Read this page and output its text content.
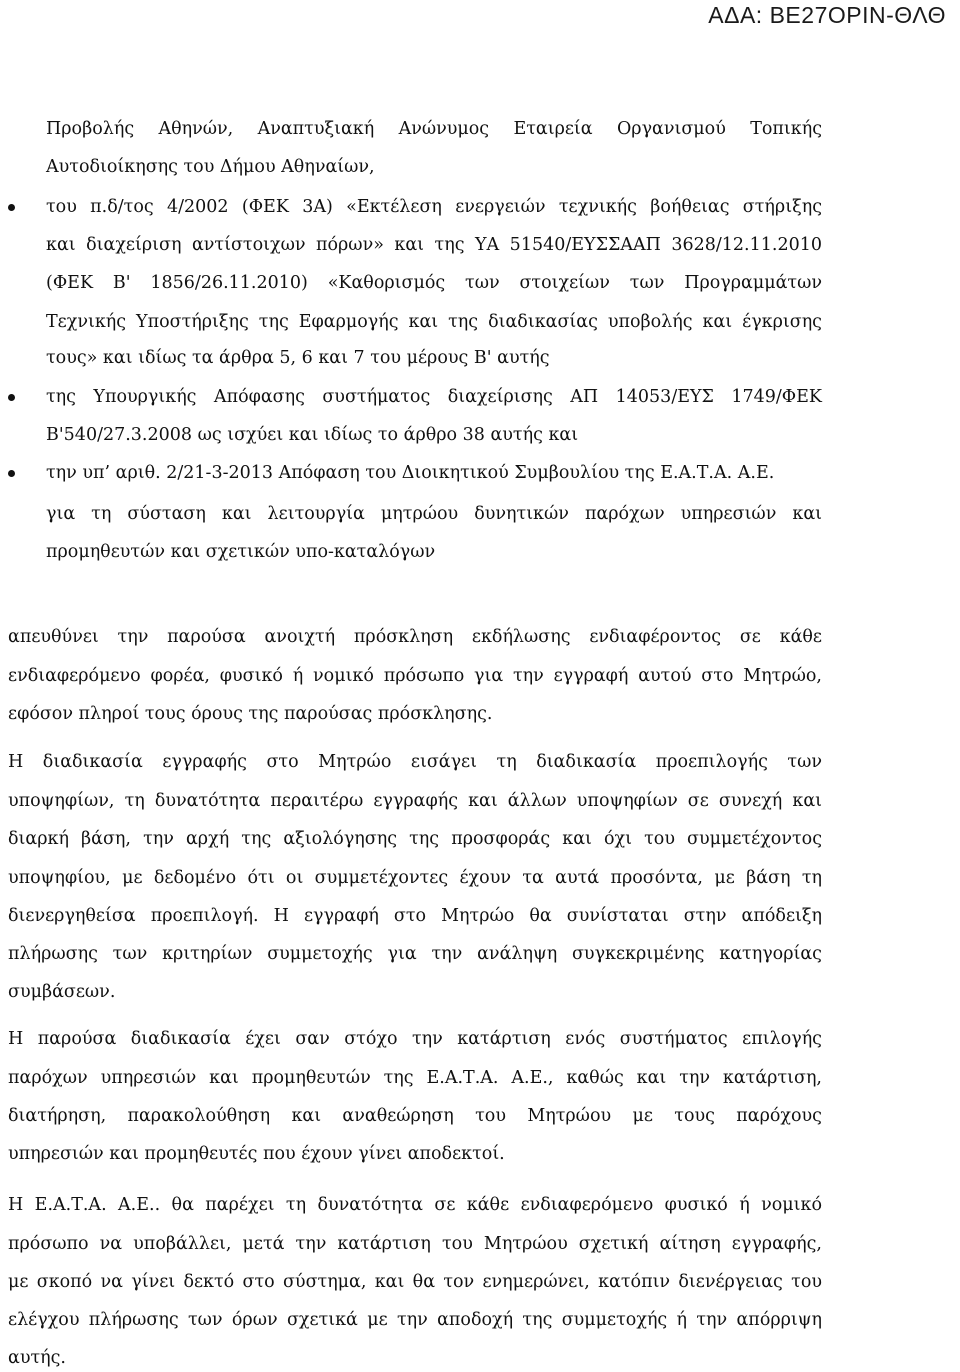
ΑΔΑ: ΒΕ27ΟΡΙΝ-ΘΛΘ
Προβολής Αθηνών, Αναπτυξιακή Ανώνυμος Εταιρεία Οργανισμού Τοπικής
Αυτοδιοίκησης του Δήμου Αθηναίων,
του π.δ/τος 4/2002 (ΦΕΚ 3Α) «Εκτέλεση ενεργειών τεχνικής βοήθειας στήριξης
και διαχείριση αντίστοιχων πόρων» και της ΥΑ 51540/ΕΥΣΣΑΑΠ 3628/12.11.2010
(ΦΕΚ Β' 1856/26.11.2010) «Καθορισμός των στοιχείων των Προγραμμάτων
Τεχνικής Υποστήριξης της Εφαρμογής και της διαδικασίας υποβολής και έγκρισης
τους» και ιδίως τα άρθρα 5, 6 και 7 του μέρους Β' αυτής
της Υπουργικής Απόφασης συστήματος διαχείρισης ΑΠ 14053/ΕΥΣ 1749/ΦΕΚ
Β'540/27.3.2008 ως ισχύει και ιδίως το άρθρο 38 αυτής και
την υπ’ αριθ. 2/21-3-2013 Απόφαση του Διοικητικού Συμβουλίου της Ε.Α.Τ.Α. Α.Ε.
για τη σύσταση και λειτουργία μητρώου δυνητικών παρόχων υπηρεσιών και
προμηθευτών και σχετικών υπο-καταλόγων
απευθύνει την παρούσα ανοιχτή πρόσκληση εκδήλωσης ενδιαφέροντος σε κάθε
ενδιαφερόμενο φορέα, φυσικό ή νομικό πρόσωπο για την εγγραφή αυτού στο Μητρώο,
εφόσον πληροί τους όρους της παρούσας πρόσκλησης.
Η διαδικασία εγγραφής στο Μητρώο εισάγει τη διαδικασία προεπιλογής των
υποψηφίων, τη δυνατότητα περαιτέρω εγγραφής και άλλων υποψηφίων σε συνεχή και
διαρκή βάση, την αρχή της αξιολόγησης της προσφοράς και όχι του συμμετέχοντος
υποψηφίου, με δεδομένο ότι οι συμμετέχοντες έχουν τα αυτά προσόντα, με βάση τη
διενεργηθείσα προεπιλογή. Η εγγραφή στο Μητρώο θα συνίσταται στην απόδειξη
πλήρωσης των κριτηρίων συμμετοχής για την ανάληψη συγκεκριμένης κατηγορίας
συμβάσεων.
Η παρούσα διαδικασία έχει σαν στόχο την κατάρτιση ενός συστήματος επιλογής
παρόχων υπηρεσιών και προμηθευτών της Ε.Α.Τ.Α. Α.Ε., καθώς και την κατάρτιση,
διατήρηση, παρακολούθηση και αναθεώρηση του Μητρώου με τους παρόχους
υπηρεσιών και προμηθευτές που έχουν γίνει αποδεκτοί.
Η Ε.Α.Τ.Α. Α.Ε.. θα παρέχει τη δυνατότητα σε κάθε ενδιαφερόμενο φυσικό ή νομικό
πρόσωπο να υποβάλλει, μετά την κατάρτιση του Μητρώου σχετική αίτηση εγγραφής,
με σκοπό να γίνει δεκτό στο σύστημα, και θα τον ενημερώνει, κατόπιν διενέργειας του
ελέγχου πλήρωσης των όρων σχετικά με την αποδοχή της συμμετοχής ή την απόρριψη
αυτής.
